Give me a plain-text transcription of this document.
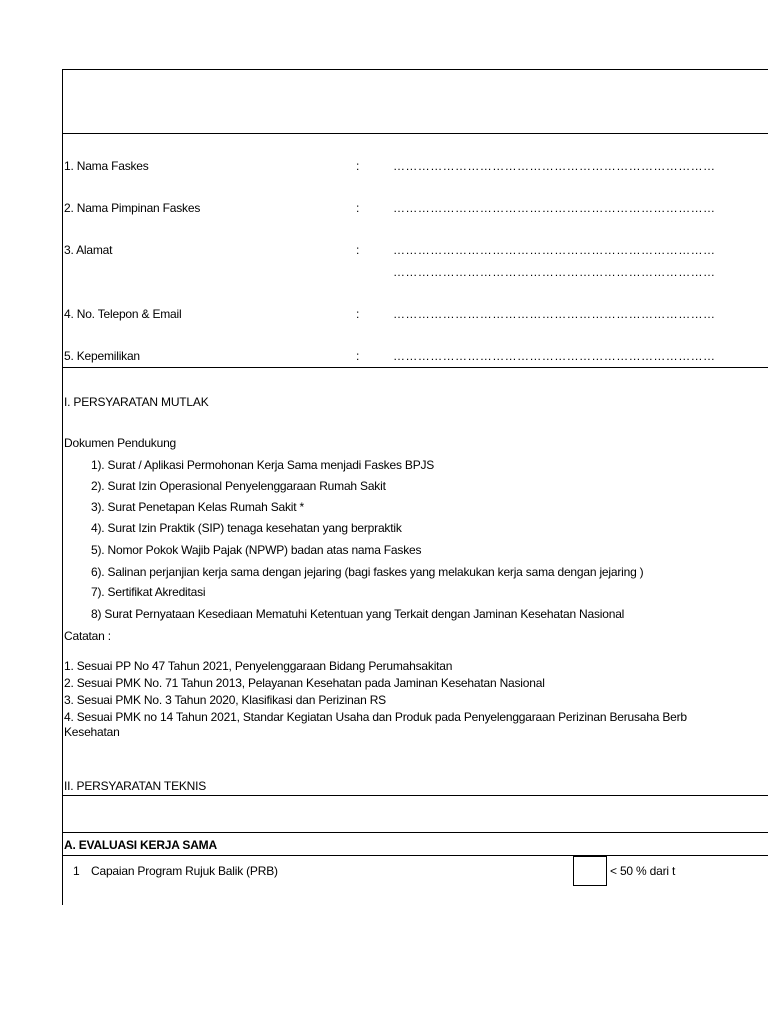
1. Nama Faskes	:	……………………………………………………………………
2. Nama Pimpinan Faskes	:	……………………………………………………………………
3. Alamat	:	……………………………………………………………………
……………………………………………………………………
4. No. Telepon & Email	:	……………………………………………………………………
5. Kepemilikan	:	……………………………………………………………………
I. PERSYARATAN MUTLAK
Dokumen Pendukung
1). Surat / Aplikasi Permohonan Kerja Sama menjadi Faskes BPJS
2). Surat Izin Operasional Penyelenggaraan Rumah Sakit
3). Surat Penetapan Kelas Rumah Sakit *
4). Surat Izin Praktik (SIP) tenaga kesehatan yang berpraktik
5). Nomor Pokok Wajib Pajak (NPWP) badan atas nama Faskes
6). Salinan perjanjian kerja sama dengan jejaring (bagi faskes yang melakukan kerja sama dengan jejaring )
7). Sertifikat Akreditasi
8) Surat Pernyataan Kesediaan Mematuhi Ketentuan yang Terkait dengan Jaminan Kesehatan Nasional
Catatan :
1. Sesuai PP No 47 Tahun 2021, Penyelenggaraan Bidang Perumahsakitan
2. Sesuai PMK No. 71 Tahun 2013, Pelayanan Kesehatan pada Jaminan Kesehatan Nasional
3. Sesuai PMK No. 3 Tahun 2020, Klasifikasi dan Perizinan RS
4. Sesuai PMK no 14 Tahun 2021, Standar Kegiatan Usaha dan Produk pada Penyelenggaraan Perizinan Berusaha Berb
Kesehatan
II. PERSYARATAN TEKNIS
A. EVALUASI KERJA SAMA
1 Capaian Program Rujuk Balik (PRB)	< 50 % dari t
